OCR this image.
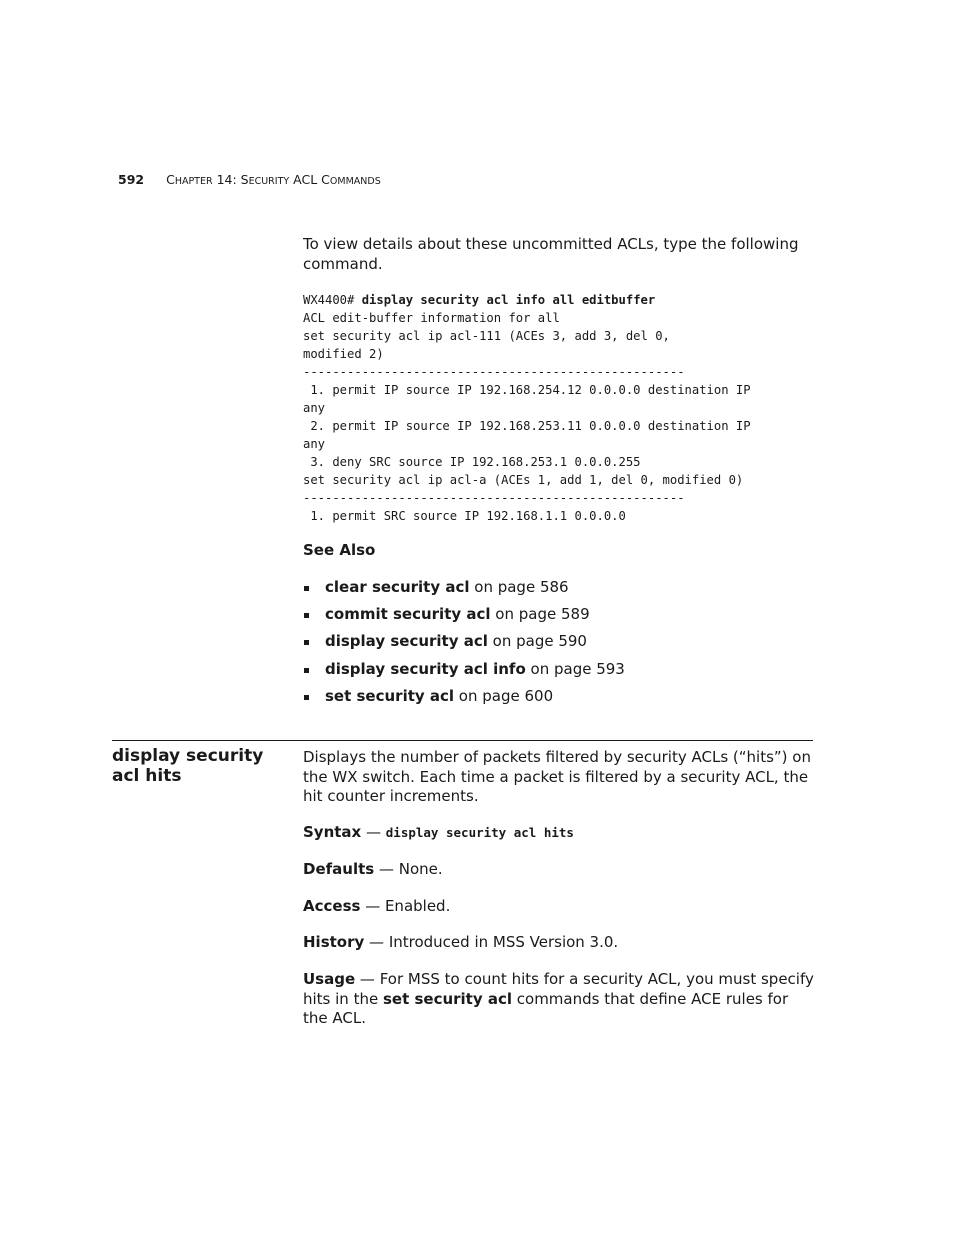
592 CHAPTER 14: SECURITY ACL COMMANDS

To view details about these uncommitted ACLs, type the following command.

WX4400# display security acl info all editbuffer
ACL edit-buffer information for all
set security acl ip acl-111 (ACEs 3, add 3, del 0,
modified 2)
----------------------------------------------------
1. permit IP source IP 192.168.254.12 0.0.0.0 destination IP
any
2. permit IP source IP 192.168.253.11 0.0.0.0 destination IP
any
3. deny SRC source IP 192.168.253.1 0.0.0.255
set security acl ip acl-a (ACEs 1, add 1, del 0, modified 0)
----------------------------------------------------
1. permit SRC source IP 192.168.1.1 0.0.0.0
See Also
clear security acl on page 586
commit security acl on page 589
display security acl on page 590
display security acl info on page 593
set security acl on page 600
display security acl hits

Displays the number of packets filtered by security ACLs (“hits”) on the WX switch. Each time a packet is filtered by a security ACL, the hit counter increments.

Syntax — display security acl hits
Defaults — None.
Access — Enabled.
History — Introduced in MSS Version 3.0.
Usage — For MSS to count hits for a security ACL, you must specify hits in the set security acl commands that define ACE rules for the ACL.
